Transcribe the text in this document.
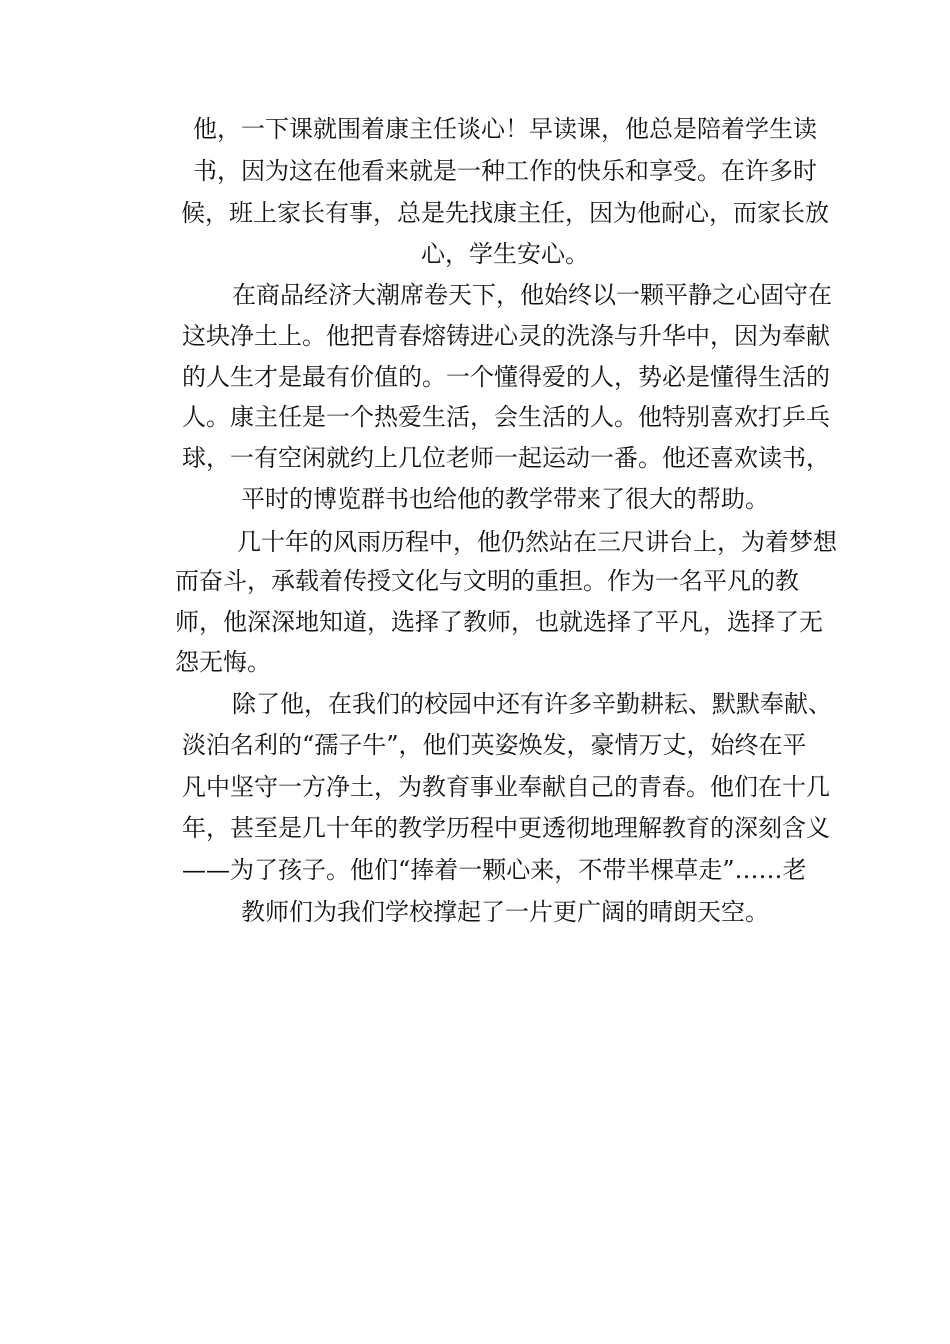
他，一下课就围着康主任谈心！早读课，他总是陪着学生读
书，因为这在他看来就是一种工作的快乐和享受。在许多时
候，班上家长有事，总是先找康主任，因为他耐心，而家长放
心，学生安心。
在商品经济大潮席卷天下，他始终以一颗平静之心固守在
这块净土上。他把青春熔铸进心灵的洗涤与升华中，因为奉献
的人生才是最有价值的。一个懂得爱的人，势必是懂得生活的
人。康主任是一个热爱生活，会生活的人。他特别喜欢打乒乓
球，一有空闲就约上几位老师一起运动一番。他还喜欢读书，
平时的博览群书也给他的教学带来了很大的帮助。
几十年的风雨历程中，他仍然站在三尺讲台上，为着梦想
而奋斗，承载着传授文化与文明的重担。作为一名平凡的教
师，他深深地知道，选择了教师，也就选择了平凡，选择了无
怨无悔。
除了他，在我们的校园中还有许多辛勤耕耘、默默奉献、
淡泊名利的“孺子牛”，他们英姿焕发，豪情万丈，始终在平
凡中坚守一方净土，为教育事业奉献自己的青春。他们在十几
年，甚至是几十年的教学历程中更透彻地理解教育的深刻含义
——为了孩子。他们“捧着一颗心来，不带半棵草走”……老
教师们为我们学校撑起了一片更广阔的晴朗天空。
